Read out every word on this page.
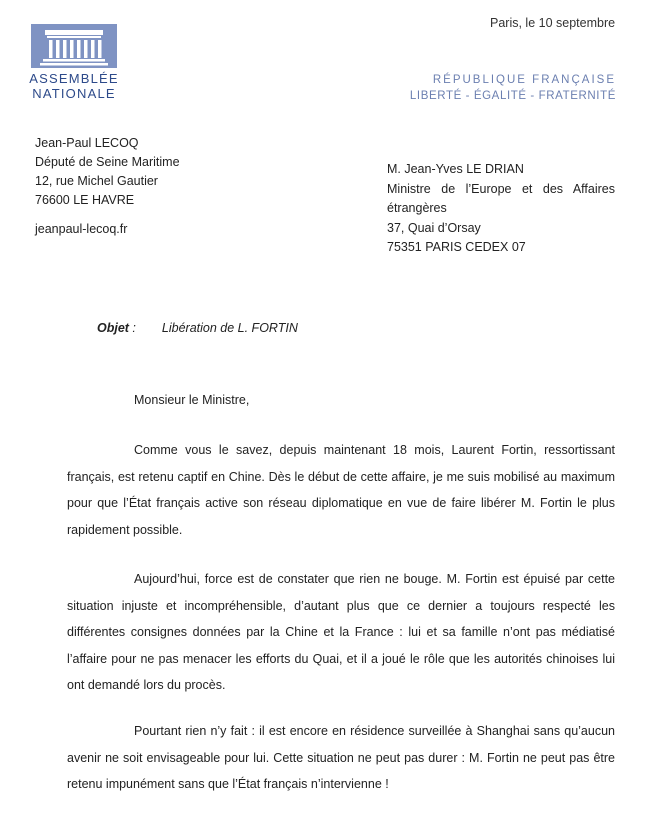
Paris, le 10 septembre
ASSEMBLÉE
NATIONALE
RÉPUBLIQUE FRANÇAISE
LIBERTÉ - ÉGALITÉ - FRATERNITÉ
Jean-Paul LECOQ
Député de Seine Maritime
12, rue Michel Gautier
76600 LE HAVRE
jeanpaul-lecoq.fr
M. Jean-Yves LE DRIAN
Ministre de l’Europe et des Affaires
étrangères
37, Quai d’Orsay
75351 PARIS CEDEX 07
Objet : Libération de L. FORTIN
Monsieur le Ministre,
Comme vous le savez, depuis maintenant 18 mois, Laurent Fortin, ressortissant français, est retenu captif en Chine. Dès le début de cette affaire, je me suis mobilisé au maximum pour que l’État français active son réseau diplomatique en vue de faire libérer M. Fortin le plus rapidement possible.
Aujourd’hui, force est de constater que rien ne bouge. M. Fortin est épuisé par cette situation injuste et incompréhensible, d’autant plus que ce dernier a toujours respecté les différentes consignes données par la Chine et la France : lui et sa famille n’ont pas médiatisé l’affaire pour ne pas menacer les efforts du Quai, et il a joué le rôle que les autorités chinoises lui ont demandé lors du procès.
Pourtant rien n’y fait : il est encore en résidence surveillée à Shanghai sans qu’aucun avenir ne soit envisageable pour lui. Cette situation ne peut pas durer : M. Fortin ne peut pas être retenu impunément sans que l’État français n’intervienne !
